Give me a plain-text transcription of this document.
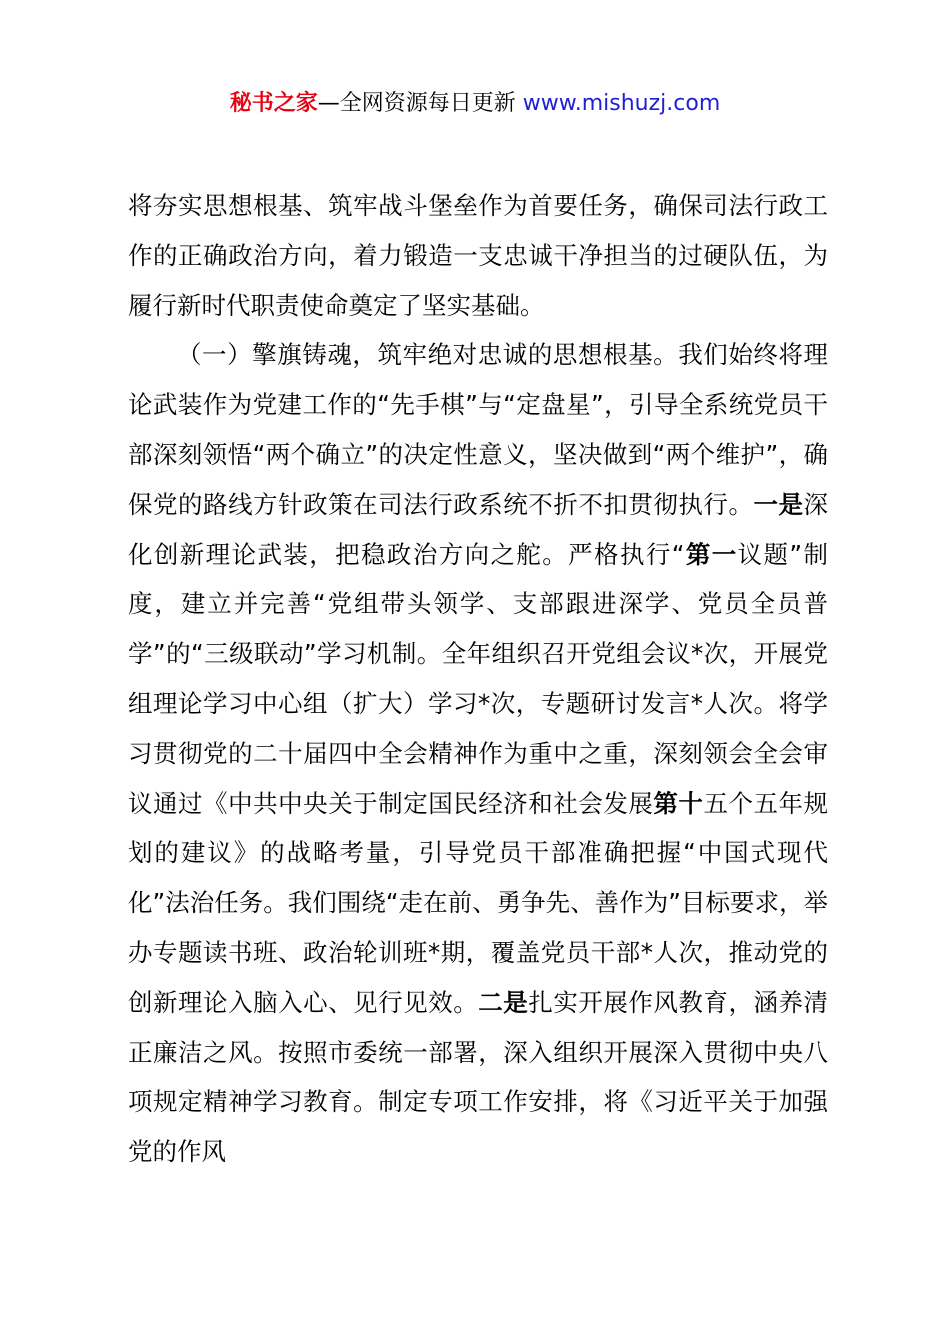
秘书之家—全网资源每日更新 www.mishuzj.com

将夯实思想根基、筑牢战斗堡垒作为首要任务，确保司法行政工作的正确政治方向，着力锻造一支忠诚干净担当的过硬队伍，为履行新时代职责使命奠定了坚实基础。

（一）擎旗铸魂，筑牢绝对忠诚的思想根基。我们始终将理论武装作为党建工作的“先手棋”与“定盘星”，引导全系统党员干部深刻领悟“两个确立”的决定性意义，坚决做到“两个维护”，确保党的路线方针政策在司法行政系统不折不扣贯彻执行。一是深化创新理论武装，把稳政治方向之舵。严格执行“第一议题”制度，建立并完善“党组带头领学、支部跟进深学、党员全员普学”的“三级联动”学习机制。全年组织召开党组会议*次，开展党组理论学习中心组（扩大）学习*次，专题研讨发言*人次。将学习贯彻党的二十届四中全会精神作为重中之重，深刻领会全会审议通过《中共中央关于制定国民经济和社会发展第十五个五年规划的建议》的战略考量，引导党员干部准确把握“中国式现代化”法治任务。我们围绕“走在前、勇争先、善作为”目标要求，举办专题读书班、政治轮训班*期，覆盖党员干部*人次，推动党的创新理论入脑入心、见行见效。二是扎实开展作风教育，涵养清正廉洁之风。按照市委统一部署，深入组织开展深入贯彻中央八项规定精神学习教育。制定专项工作安排，将《习近平关于加强党的作风
